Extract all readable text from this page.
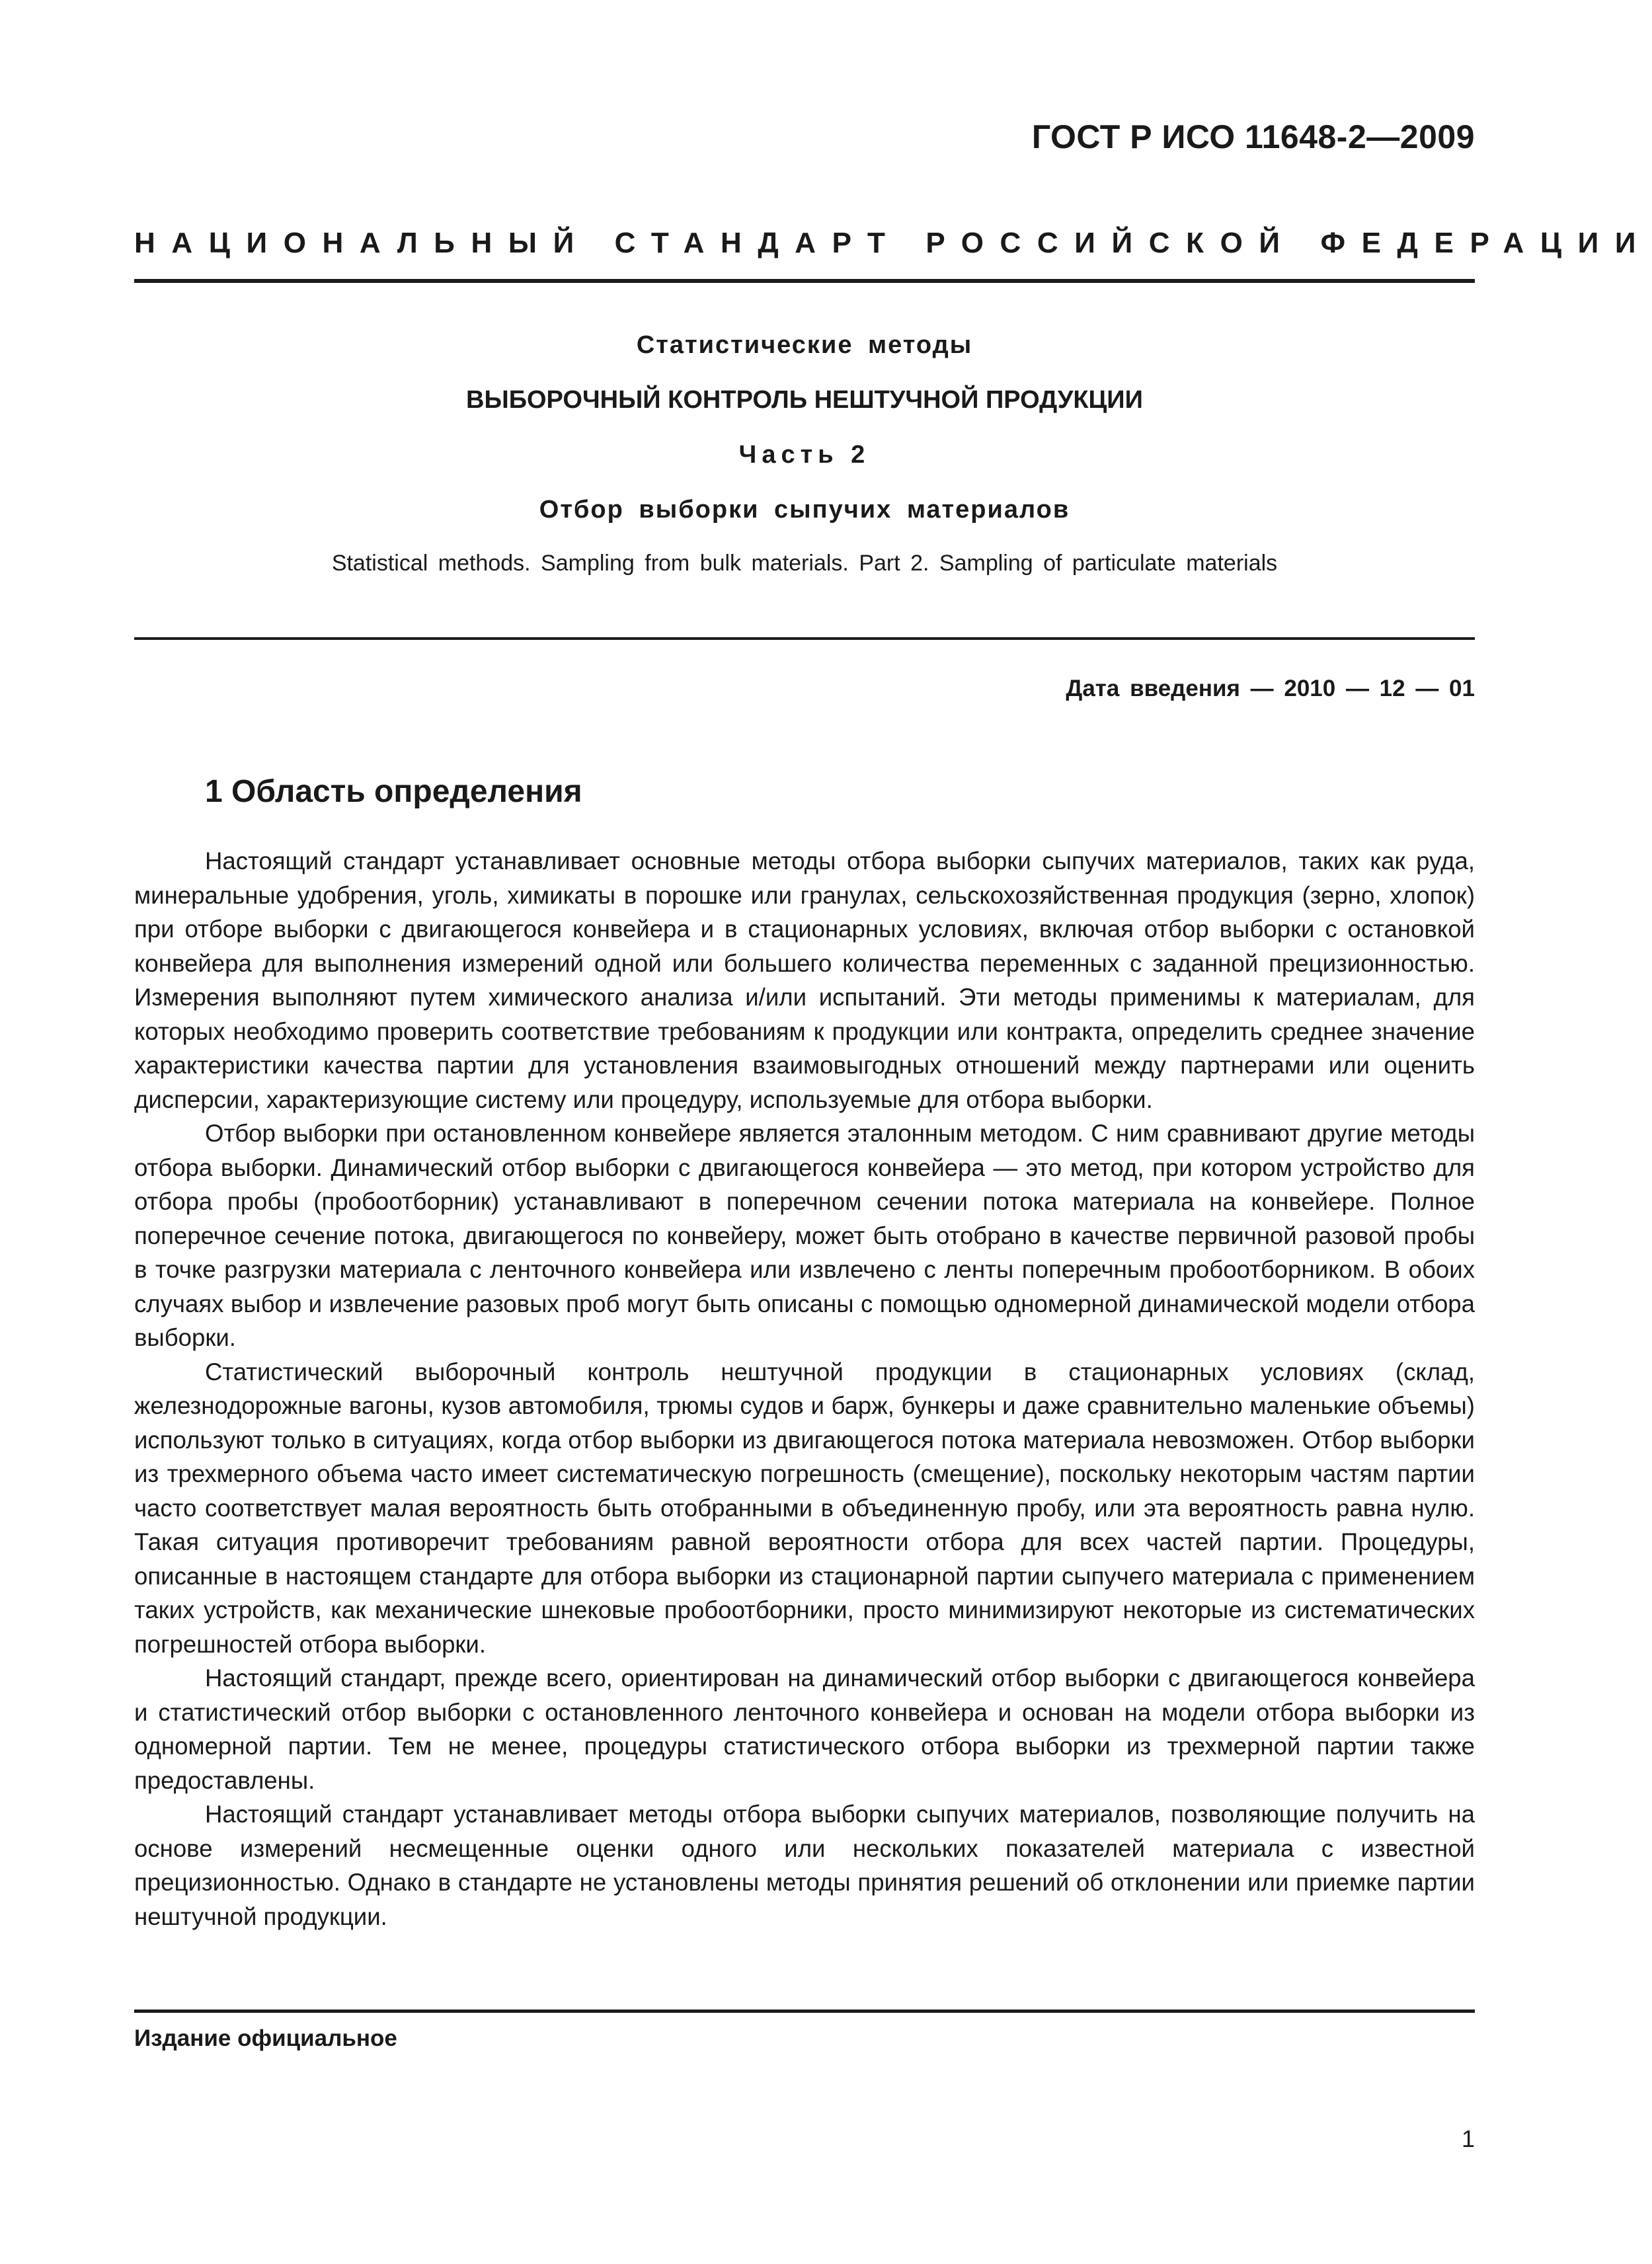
ГОСТ Р ИСО 11648-2—2009
НАЦИОНАЛЬНЫЙ СТАНДАРТ РОССИЙСКОЙ ФЕДЕРАЦИИ
Статистические методы
ВЫБОРОЧНЫЙ КОНТРОЛЬ НЕШТУЧНОЙ ПРОДУКЦИИ
Часть 2
Отбор выборки сыпучих материалов
Statistical methods. Sampling from bulk materials. Part 2. Sampling of particulate materials
Дата введения — 2010 — 12 — 01
1 Область определения

Настоящий стандарт устанавливает основные методы отбора выборки сыпучих материалов, таких как руда, минеральные удобрения, уголь, химикаты в порошке или гранулах, сельскохозяйственная продукция (зерно, хлопок) при отборе выборки с двигающегося конвейера и в стационарных условиях, включая отбор выборки с остановкой конвейера для выполнения измерений одной или большего количества переменных с заданной прецизионностью. Измерения выполняют путем химического анализа и/или испытаний. Эти методы применимы к материалам, для которых необходимо проверить соответствие требованиям к продукции или контракта, определить среднее значение характеристики качества партии для установления взаимовыгодных отношений между партнерами или оценить дисперсии, характеризующие систему или процедуру, используемые для отбора выборки.

Отбор выборки при остановленном конвейере является эталонным методом. С ним сравнивают другие методы отбора выборки. Динамический отбор выборки с двигающегося конвейера — это метод, при котором устройство для отбора пробы (пробоотборник) устанавливают в поперечном сечении потока материала на конвейере. Полное поперечное сечение потока, двигающегося по конвейеру, может быть отобрано в качестве первичной разовой пробы в точке разгрузки материала с ленточного конвейера или извлечено с ленты поперечным пробоотборником. В обоих случаях выбор и извлечение разовых проб могут быть описаны с помощью одномерной динамической модели отбора выборки.

Статистический выборочный контроль нештучной продукции в стационарных условиях (склад, железнодорожные вагоны, кузов автомобиля, трюмы судов и барж, бункеры и даже сравнительно маленькие объемы) используют только в ситуациях, когда отбор выборки из двигающегося потока материала невозможен. Отбор выборки из трехмерного объема часто имеет систематическую погрешность (смещение), поскольку некоторым частям партии часто соответствует малая вероятность быть отобранными в объединенную пробу, или эта вероятность равна нулю. Такая ситуация противоречит требованиям равной вероятности отбора для всех частей партии. Процедуры, описанные в настоящем стандарте для отбора выборки из стационарной партии сыпучего материала с применением таких устройств, как механические шнековые пробоотборники, просто минимизируют некоторые из систематических погрешностей отбора выборки.

Настоящий стандарт, прежде всего, ориентирован на динамический отбор выборки с двигающегося конвейера и статистический отбор выборки с остановленного ленточного конвейера и основан на модели отбора выборки из одномерной партии. Тем не менее, процедуры статистического отбора выборки из трехмерной партии также предоставлены.

Настоящий стандарт устанавливает методы отбора выборки сыпучих материалов, позволяющие получить на основе измерений несмещенные оценки одного или нескольких показателей материала с известной прецизионностью. Однако в стандарте не установлены методы принятия решений об отклонении или приемке партии нештучной продукции.

Издание официальное
1
